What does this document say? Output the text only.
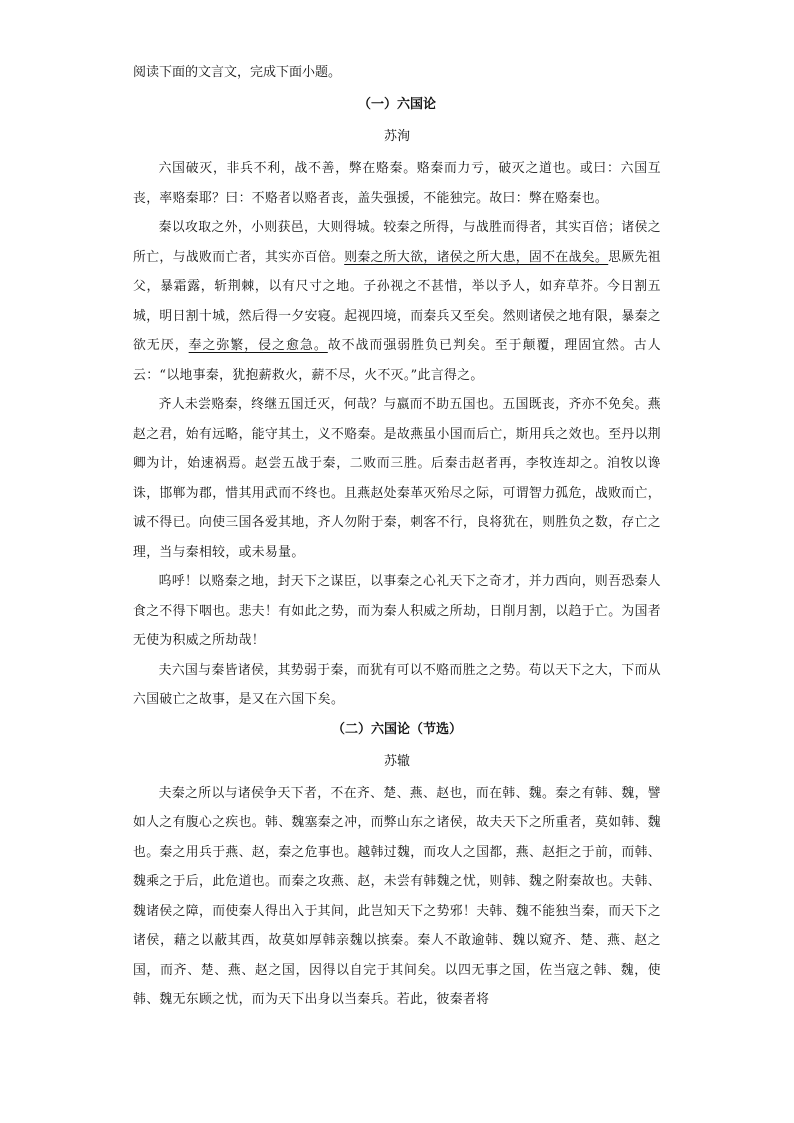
阅读下面的文言文，完成下面小题。

（一）六国论

苏洵

六国破灭，非兵不利，战不善，弊在赂秦。赂秦而力亏，破灭之道也。或曰：六国互丧，率赂秦耶？曰：不赂者以赂者丧，盖失强援，不能独完。故曰：弊在赂秦也。

秦以攻取之外，小则获邑，大则得城。较秦之所得，与战胜而得者，其实百倍；诸侯之所亡，与战败而亡者，其实亦百倍。则秦之所大欲，诸侯之所大患，固不在战矣。思厥先祖父，暴霜露，斩荆棘，以有尺寸之地。子孙视之不甚惜，举以予人，如弃草芥。今日割五城，明日割十城，然后得一夕安寝。起视四境，而秦兵又至矣。然则诸侯之地有限，暴秦之欲无厌，奉之弥繁，侵之愈急。故不战而强弱胜负已判矣。至于颠覆，理固宜然。古人云：“以地事秦，犹抱薪救火，薪不尽，火不灭。”此言得之。

齐人未尝赂秦，终继五国迁灭，何哉？与嬴而不助五国也。五国既丧，齐亦不免矣。燕赵之君，始有远略，能守其土，义不赂秦。是故燕虽小国而后亡，斯用兵之效也。至丹以荆卿为计，始速祸焉。赵尝五战于秦，二败而三胜。后秦击赵者再，李牧连却之。洎牧以谗诛，邯郸为郡，惜其用武而不终也。且燕赵处秦革灭殆尽之际，可谓智力孤危，战败而亡，诚不得已。向使三国各爱其地，齐人勿附于秦，刺客不行，良将犹在，则胜负之数，存亡之理，当与秦相较，或未易量。

呜呼！以赂秦之地，封天下之谋臣，以事秦之心礼天下之奇才，并力西向，则吾恐秦人食之不得下咽也。悲夫！有如此之势，而为秦人积威之所劫，日削月割，以趋于亡。为国者无使为积威之所劫哉！

夫六国与秦皆诸侯，其势弱于秦，而犹有可以不赂而胜之之势。苟以天下之大，下而从六国破亡之故事，是又在六国下矣。

（二）六国论（节选）

苏辙

夫秦之所以与诸侯争天下者，不在齐、楚、燕、赵也，而在韩、魏。秦之有韩、魏，譬如人之有腹心之疾也。韩、魏塞秦之冲，而弊山东之诸侯，故夫天下之所重者，莫如韩、魏也。秦之用兵于燕、赵，秦之危事也。越韩过魏，而攻人之国都，燕、赵拒之于前，而韩、魏乘之于后，此危道也。而秦之攻燕、赵，未尝有韩魏之忧，则韩、魏之附秦故也。夫韩、魏诸侯之障，而使秦人得出入于其间，此岂知天下之势邪！夫韩、魏不能独当秦，而天下之诸侯，藉之以蔽其西，故莫如厚韩亲魏以摈秦。秦人不敢逾韩、魏以窥齐、楚、燕、赵之国，而齐、楚、燕、赵之国，因得以自完于其间矣。以四无事之国，佐当寇之韩、魏，使韩、魏无东顾之忧，而为天下出身以当秦兵。若此，彼秦者将
